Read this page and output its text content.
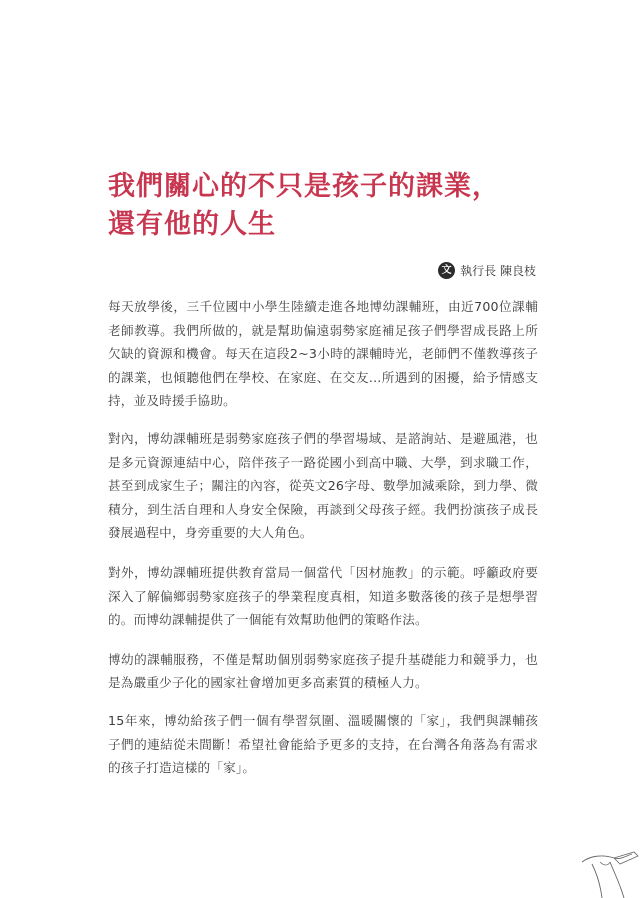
我們關心的不只是孩子的課業，
還有他的人生
文 執行長 陳良枝

每天放學後，三千位國中小學生陸續走進各地博幼課輔班，由近700位課輔老師教導。我們所做的，就是幫助偏遠弱勢家庭補足孩子們學習成長路上所欠缺的資源和機會。每天在這段2~3小時的課輔時光，老師們不僅教導孩子的課業，也傾聽他們在學校、在家庭、在交友...所遇到的困擾，給予情感支持，並及時援手協助。

對內，博幼課輔班是弱勢家庭孩子們的學習場域、是諮詢站、是避風港，也是多元資源連結中心，陪伴孩子一路從國小到高中職、大學，到求職工作，甚至到成家生子；關注的內容，從英文26字母、數學加減乘除，到力學、微積分，到生活自理和人身安全保險，再談到父母孩子經。我們扮演孩子成長發展過程中，身旁重要的大人角色。

對外，博幼課輔班提供教育當局一個當代「因材施教」的示範。呼籲政府要深入了解偏鄉弱勢家庭孩子的學業程度真相，知道多數落後的孩子是想學習的。而博幼課輔提供了一個能有效幫助他們的策略作法。

博幼的課輔服務，不僅是幫助個別弱勢家庭孩子提升基礎能力和競爭力，也是為嚴重少子化的國家社會增加更多高素質的積極人力。

15年來，博幼給孩子們一個有學習氛圍、溫暖關懷的「家」，我們與課輔孩子們的連結從未間斷！希望社會能給予更多的支持，在台灣各角落為有需求的孩子打造這樣的「家」。
